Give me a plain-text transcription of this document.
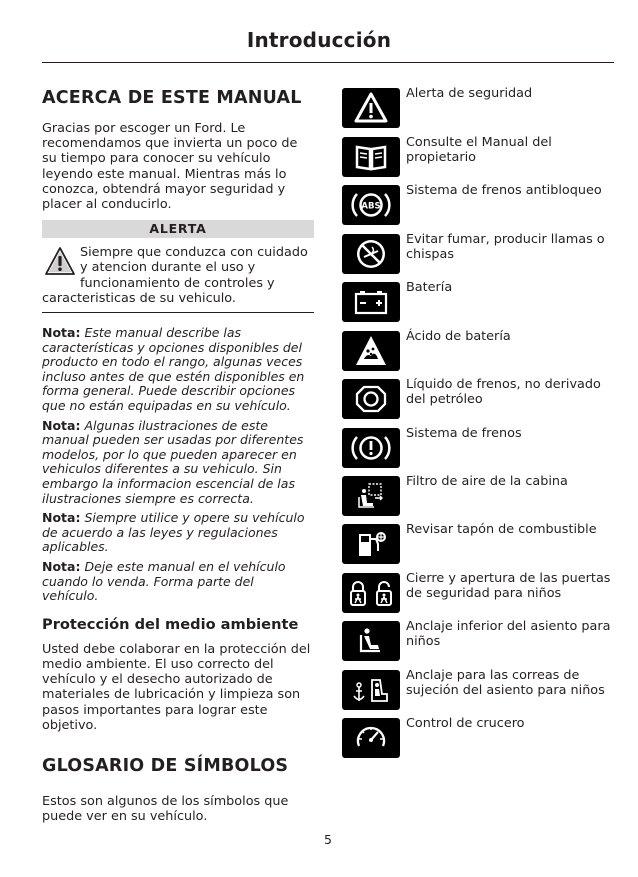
Introducción
ACERCA DE ESTE MANUAL

Gracias por escoger un Ford. Le recomendamos que invierta un poco de su tiempo para conocer su vehículo leyendo este manual. Mientras más lo conozca, obtendrá mayor seguridad y placer al conducirlo.

ALERTA
Siempre que conduzca con cuidado
y atencion durante el uso y
funcionamiento de controles y
caracteristicas de su vehiculo.

Nota: Este manual describe las características y opciones disponibles del producto en todo el rango, algunas veces incluso antes de que estén disponibles en forma general. Puede describir opciones que no están equipadas en su vehículo.

Nota: Algunas ilustraciones de este manual pueden ser usadas por diferentes modelos, por lo que pueden aparecer en vehiculos diferentes a su vehiculo. Sin embargo la informacion escencial de las ilustraciones siempre es correcta.

Nota: Siempre utilice y opere su vehículo de acuerdo a las leyes y regulaciones aplicables.

Nota: Deje este manual en el vehículo cuando lo venda. Forma parte del vehículo.

Protección del medio ambiente

Usted debe colaborar en la protección del medio ambiente. El uso correcto del vehículo y el desecho autorizado de materiales de lubricación y limpieza son pasos importantes para lograr este objetivo.

GLOSARIO DE SÍMBOLOS

Estos son algunos de los símbolos que puede ver en su vehículo.

Alerta de seguridad
Consulte el Manual del propietario
ABS
Sistema de frenos antibloqueo
Evitar fumar, producir llamas o chispas
Batería
Ácido de batería
Líquido de frenos, no derivado del petróleo
Sistema de frenos
Filtro de aire de la cabina
Revisar tapón de combustible
Cierre y apertura de las puertas de seguridad para niños
Anclaje inferior del asiento para niños
Anclaje para las correas de sujeción del asiento para niños
Control de crucero
5
